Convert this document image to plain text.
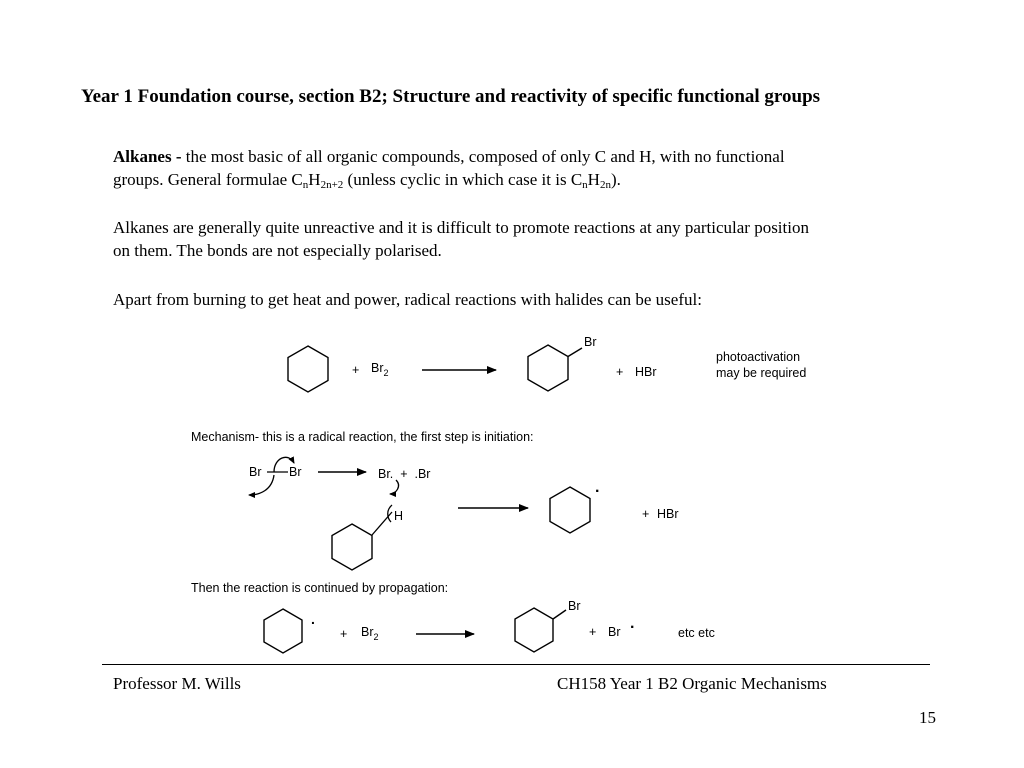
Year 1 Foundation course, section B2; Structure and reactivity of specific functional groups
Alkanes - the most basic of all organic compounds, composed of only C and H, with no functional
groups. General formulae $C_nH_{2n+2}$ (unless cyclic in which case it is $C_nH_{2n}$).
Alkanes are generally quite unreactive and it is difficult to promote reactions at any particular position
on them. The bonds are not especially polarised.
Apart from burning to get heat and power, radical reactions with halides can be useful:
+ $Br_2$
Br
+ HBr
photoactivation
may be required
Mechanism- this is a radical reaction, the first step is initiation:
Br Br	Br.  +  .Br
H
.
+ HBr
Then the reaction is continued by propagation:
.
+ $Br_2$
Br
+ Br .
etc etc
Professor M. Wills	CH158 Year 1 B2 Organic Mechanisms
15
